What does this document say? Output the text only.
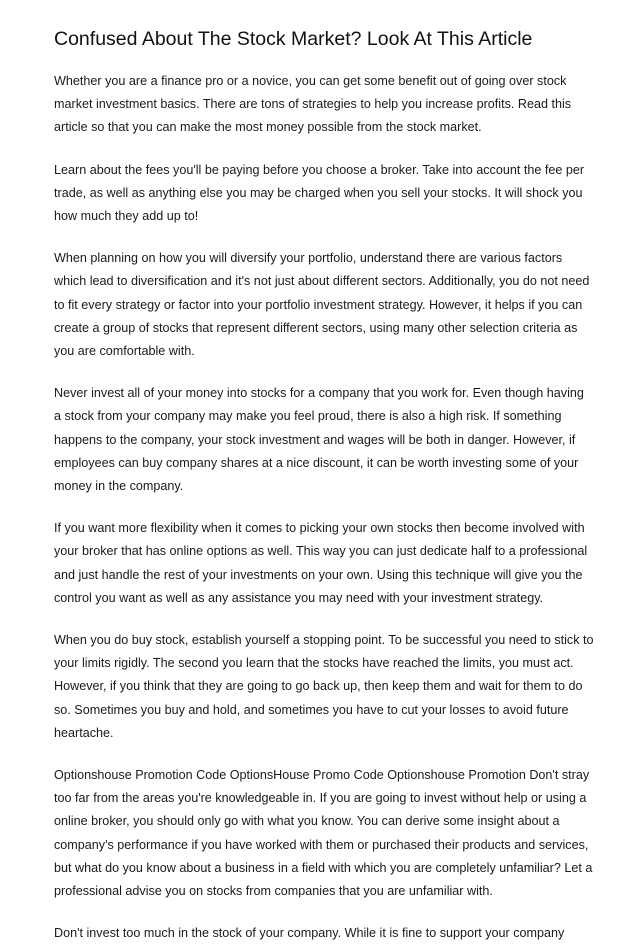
Confused About The Stock Market? Look At This Article

Whether you are a finance pro or a novice, you can get some benefit out of going over stock market investment basics. There are tons of strategies to help you increase profits. Read this article so that you can make the most money possible from the stock market.

Learn about the fees you'll be paying before you choose a broker. Take into account the fee per trade, as well as anything else you may be charged when you sell your stocks. It will shock you how much they add up to!

When planning on how you will diversify your portfolio, understand there are various factors which lead to diversification and it's not just about different sectors. Additionally, you do not need to fit every strategy or factor into your portfolio investment strategy. However, it helps if you can create a group of stocks that represent different sectors, using many other selection criteria as you are comfortable with.

Never invest all of your money into stocks for a company that you work for. Even though having a stock from your company may make you feel proud, there is also a high risk. If something happens to the company, your stock investment and wages will be both in danger. However, if employees can buy company shares at a nice discount, it can be worth investing some of your money in the company.

If you want more flexibility when it comes to picking your own stocks then become involved with your broker that has online options as well. This way you can just dedicate half to a professional and just handle the rest of your investments on your own. Using this technique will give you the control you want as well as any assistance you may need with your investment strategy.

When you do buy stock, establish yourself a stopping point. To be successful you need to stick to your limits rigidly. The second you learn that the stocks have reached the limits, you must act. However, if you think that they are going to go back up, then keep them and wait for them to do so. Sometimes you buy and hold, and sometimes you have to cut your losses to avoid future heartache.

Optionshouse Promotion Code OptionsHouse Promo Code Optionshouse Promotion Don't stray too far from the areas you're knowledgeable in. If you are going to invest without help or using a online broker, you should only go with what you know. You can derive some insight about a company's performance if you have worked with them or purchased their products and services, but what do you know about a business in a field with which you are completely unfamiliar? Let a professional advise you on stocks from companies that you are unfamiliar with.

Don't invest too much in the stock of your company. While it is fine to support your company
